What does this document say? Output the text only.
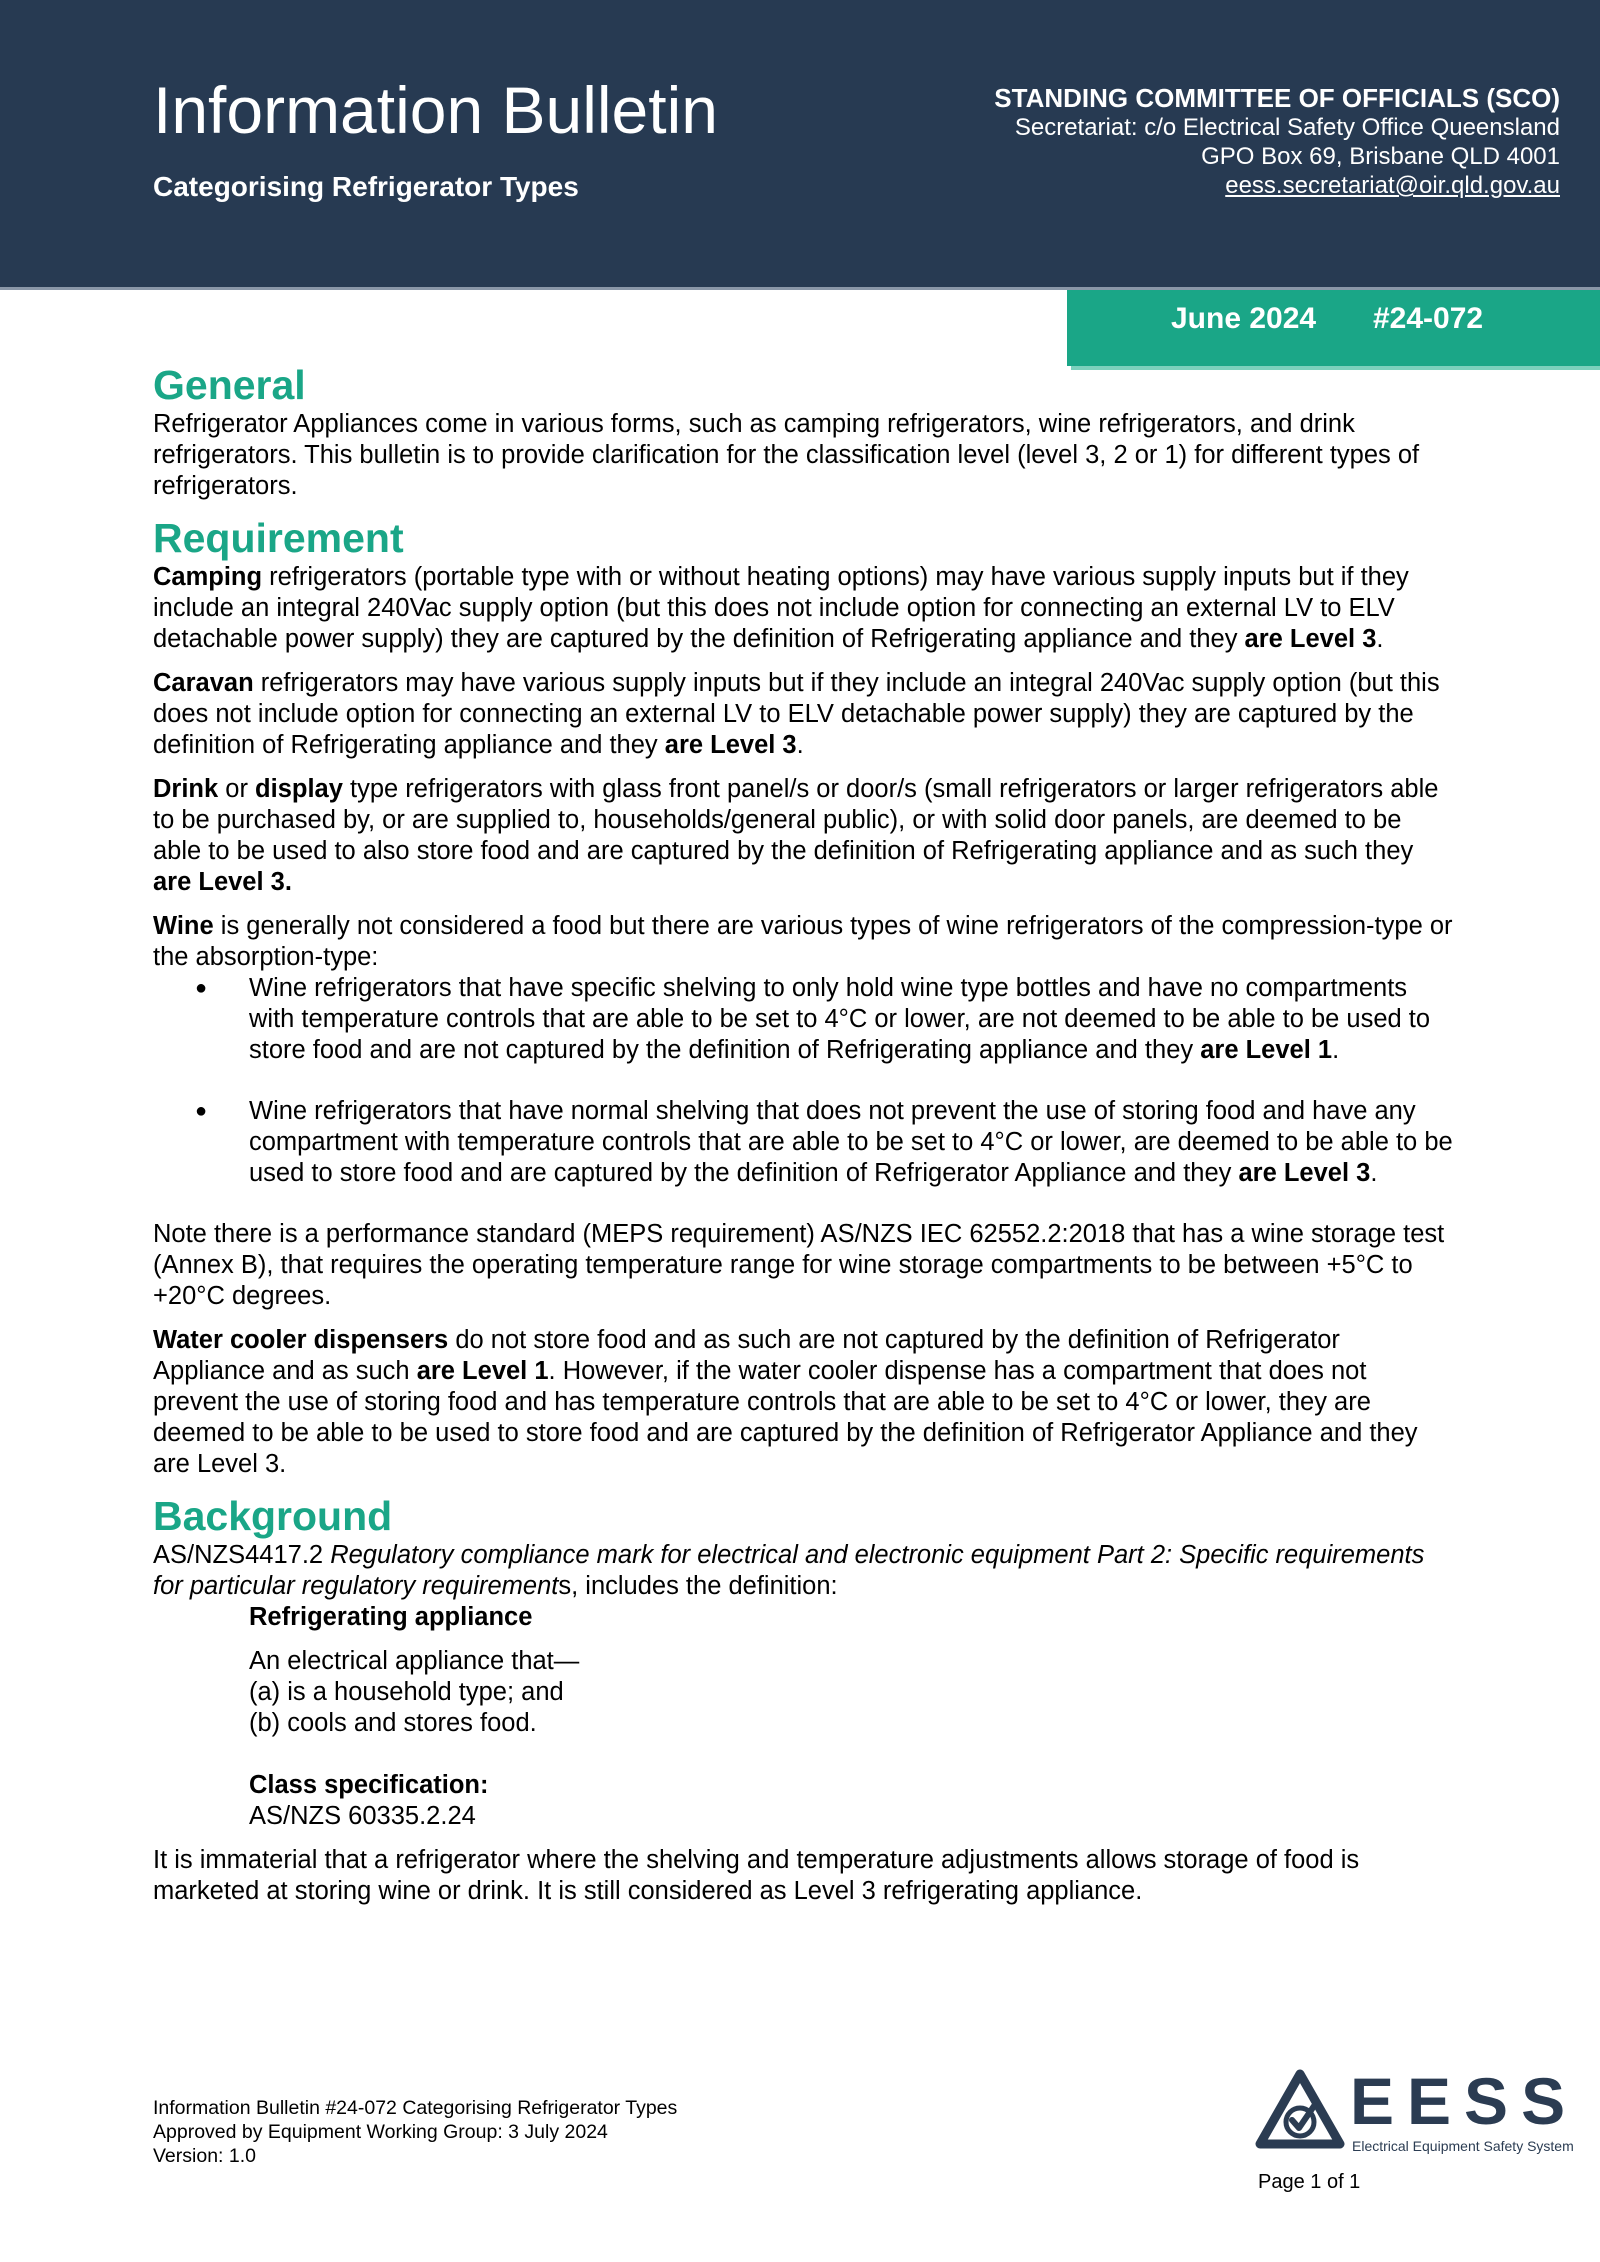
Information Bulletin
Categorising Refrigerator Types
STANDING COMMITTEE OF OFFICIALS (SCO)
Secretariat: c/o Electrical Safety Office Queensland
GPO Box 69, Brisbane QLD 4001
eess.secretariat@oir.qld.gov.au
June 2024 #24-072
General

Refrigerator Appliances come in various forms, such as camping refrigerators, wine refrigerators, and drink refrigerators. This bulletin is to provide clarification for the classification level (level 3, 2 or 1) for different types of refrigerators.

Requirement

Camping refrigerators (portable type with or without heating options) may have various supply inputs but if they include an integral 240Vac supply option (but this does not include option for connecting an external LV to ELV detachable power supply) they are captured by the definition of Refrigerating appliance and they are Level 3.

Caravan refrigerators may have various supply inputs but if they include an integral 240Vac supply option (but this does not include option for connecting an external LV to ELV detachable power supply) they are captured by the definition of Refrigerating appliance and they are Level 3.

Drink or display type refrigerators with glass front panel/s or door/s (small refrigerators or larger refrigerators able to be purchased by, or are supplied to, households/general public), or with solid door panels, are deemed to be able to be used to also store food and are captured by the definition of Refrigerating appliance and as such they are Level 3.

Wine is generally not considered a food but there are various types of wine refrigerators of the compression-type or the absorption-type:

● Wine refrigerators that have specific shelving to only hold wine type bottles and have no compartments with temperature controls that are able to be set to 4°C or lower, are not deemed to be able to be used to store food and are not captured by the definition of Refrigerating appliance and they are Level 1.
● Wine refrigerators that have normal shelving that does not prevent the use of storing food and have any compartment with temperature controls that are able to be set to 4°C or lower, are deemed to be able to be used to store food and are captured by the definition of Refrigerator Appliance and they are Level 3.

Note there is a performance standard (MEPS requirement) AS/NZS IEC 62552.2:2018 that has a wine storage test (Annex B), that requires the operating temperature range for wine storage compartments to be between +5°C to +20°C degrees.

Water cooler dispensers do not store food and as such are not captured by the definition of Refrigerator Appliance and as such are Level 1. However, if the water cooler dispense has a compartment that does not prevent the use of storing food and has temperature controls that are able to be set to 4°C or lower, they are deemed to be able to be used to store food and are captured by the definition of Refrigerator Appliance and they are Level 3.

Background

AS/NZS4417.2 Regulatory compliance mark for electrical and electronic equipment Part 2: Specific requirements for particular regulatory requirements, includes the definition:

Refrigerating appliance
An electrical appliance that—
(a) is a household type; and
(b) cools and stores food.
Class specification:
AS/NZS 60335.2.24

It is immaterial that a refrigerator where the shelving and temperature adjustments allows storage of food is marketed at storing wine or drink. It is still considered as Level 3 refrigerating appliance.

Information Bulletin #24-072 Categorising Refrigerator Types
Approved by Equipment Working Group: 3 July 2024
Version: 1.0
EESS
Electrical Equipment Safety System
Page 1 of 1
